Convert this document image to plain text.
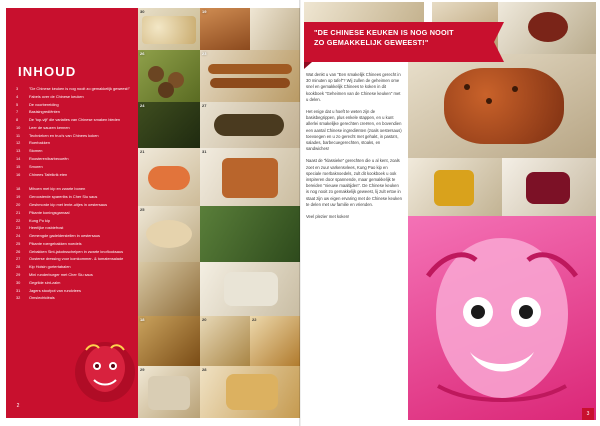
30	19
26	23
24	27
21	31
25
18	20	22
29	28
INHOUD
3	"De Chinese keuken is nog nooit zo gemakkelijk geweest!"
4	Fabels over de Chinese keuken
5	De voorbereiding
7	Basisingrediënten
8	De 'top-vijf' die variaties van Chinese smaken bieden
10	Leer de sauzen kennen
11	Technieken en truc's van Chinees koken
12	Roerbakken
13	Stomen
14	Roosteren/barbecueën
15	Smoren
16	Chinees Tafelkrik eten
18	Mihoen met kip en zwarte bonen
19	Geroosterde spareribs in Cher Siu saus
20	Geshmorde kip met lente-uitjes in oestersaus
21	Pikante koningsgarnaal
22	Kung Po kip
23	Heerlijke rosbiefrost
24	Gemengde gadelderstellen in oestersaus
25	Pikante roergebakken noedels
26	Gebakken Sint-jakobsschelpen in zwarte knoflooksaus
27	Oosterse dressing voor komkommer- & tomatensalade
28	Kip Hoisin gortertabalen
29	Mini runderburger met Cher Siu saus
30	Gegrilde sint-zalm
31	Jagers stoofpot van rundvlees
32	Omslechtdéals
2
"DE CHINESE KEUKEN IS NOG NOOIT
ZO GEMAKKELIJK GEWEEST!"

Wat denkt u van "Een smakelijk Chinees gerecht in 30 minuten op tafel"? Wij zullen de geheimen ome snel en gemakkelijk Chinees te koken in dit kookboek "Geheimen van de Chinese keuken" met u delen.

Het enige dat u hoeft te weten zijn de basisbegrippen, plus enkele stappen, en u kunt allerlei smakelijke gerechten creëren, en bovendien een aantal Chinese ingrediënten (zoals oestersaus) toevoegen en u zo gerecht met gehakt, in pasta's, salades, barbecuegerechten, stoaks, en sandwiches!

Naast de "klassieke" gerechten die u al kent, zoals zoet en zuur varkensvlees, Kung Pao kip en speciale roerbaknoedels, zult dit kookboek u ook inspireren door spannende, maar gemakkelijk te bereiden "nieuwe maaltijden". De Chinese keuken is nog nooit zo gemakkelijk geweest, lij zult ertoe in staat zijn uw eigen ervaring met de Chinese keuken te delen met uw familie en vrienden.

Veel plezier met koken!

3
